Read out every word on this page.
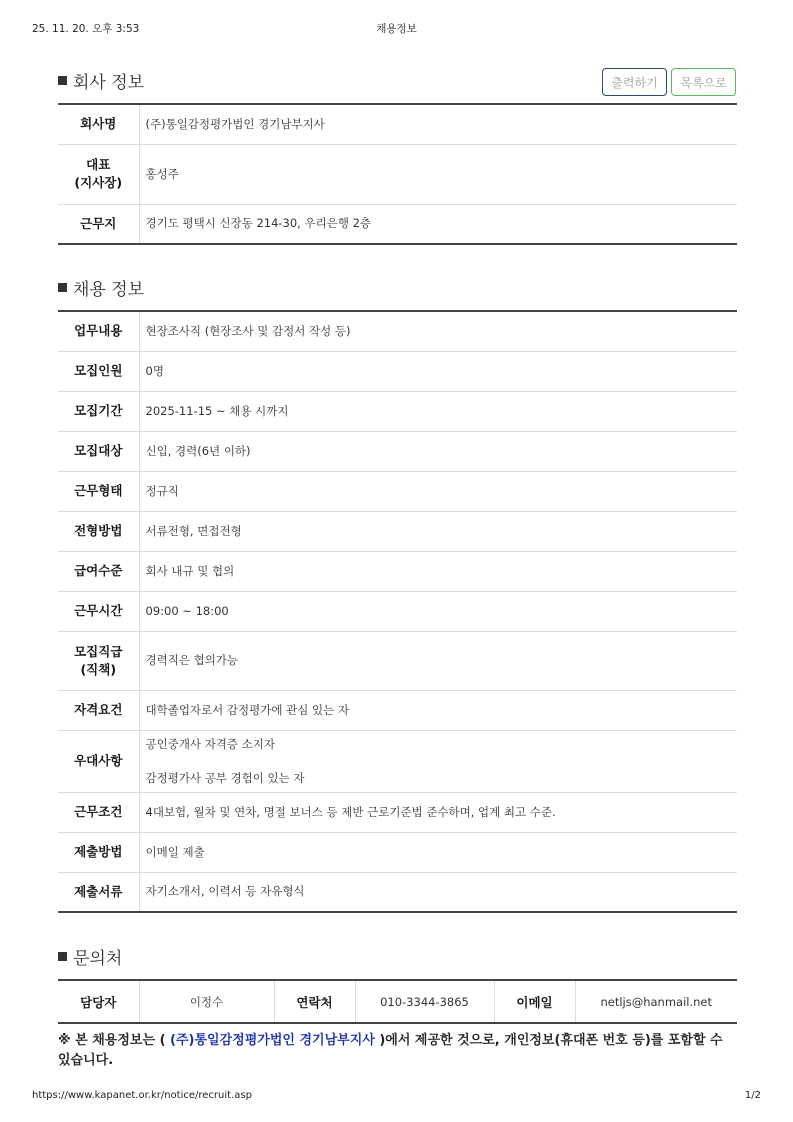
25. 11. 20. 오후 3:53	채용정보
회사 정보	출력하기	목록으로
회사명	(주)통일감정평가법인 경기남부지사
대표
(지사장)	홍성주
근무지	경기도 평택시 신장동 214-30, 우리은행 2층
채용 정보
업무내용	현장조사직 (현장조사 및 감정서 작성 등)
모집인원	0명
모집기간	2025-11-15 ~ 채용 시까지
모집대상	신입, 경력(6년 이하)
근무형태	정규직
전형방법	서류전형, 면접전형
급여수준	회사 내규 및 협의
근무시간	09:00 ~ 18:00
모집직급
(직책)	경력직은 협의가능
자격요건	대학졸업자로서 감정평가에 관심 있는 자
우대사항	공인중개사 자격증 소지자

감정평가사 공부 경험이 있는 자
근무조건	4대보험, 월차 및 연차, 명절 보너스 등 제반 근로기준법 준수하며, 업계 최고 수준.
제출방법	이메일 제출
제출서류	자기소개서, 이력서 등 자유형식
문의처
담당자	이정수	연락처	010-3344-3865	이메일	netljs@hanmail.net
※ 본 채용정보는 ( (주)통일감정평가법인 경기남부지사 )에서 제공한 것으로, 개인정보(휴대폰 번호 등)를 포함할 수 있습니다.
https://www.kapanet.or.kr/notice/recruit.asp	1/2
